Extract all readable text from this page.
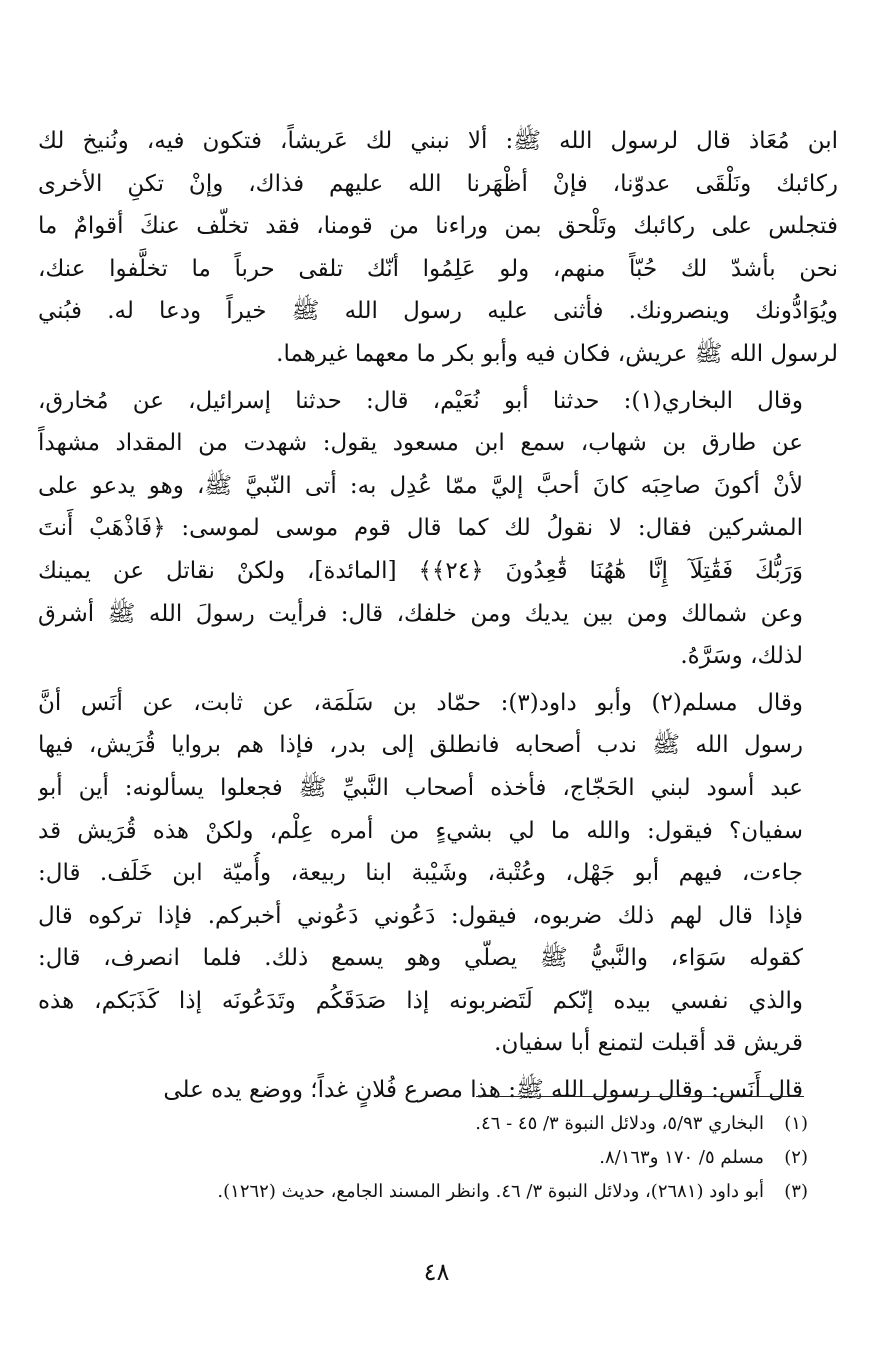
ابن مُعَاذ قال لرسول الله ﷺ: ألا نبني لك عَريشاً، فتكون فيه، ونُنيخ لك
ركائبك ونَلْقَى عدوّنا، فإنْ أظْهَرنا الله عليهم فذاك، وإنْ تكنِ الأخرى
فتجلس على ركائبك وتَلْحق بمن وراءنا من قومنا، فقد تخلّف عنكَ أقوامٌ ما
نحن بأشدّ لك حُبّاً منهم، ولو عَلِمُوا أنّك تلقى حرباً ما تخلَّفوا عنك،
ويُوَادُّونك وينصرونك. فأثنى عليه رسول الله ﷺ خيراً ودعا له. فبُني
لرسول الله ﷺ عريش، فكان فيه وأبو بكر ما معهما غيرهما.

وقال البخاري(١): حدثنا أبو نُعَيْم، قال: حدثنا إسرائيل، عن مُخارق،
عن طارق بن شهاب، سمع ابن مسعود يقول: شهدت من المقداد مشهداً
لأنْ أكونَ صاحِبَه كانَ أحبَّ إليَّ ممّا عُدِل به: أتى النّبيَّ ﷺ، وهو يدعو على
المشركين فقال: لا نقولُ لك كما قال قوم موسى لموسى: ﴿فَاذْهَبْ أَنتَ
وَرَبُّكَ فَقَٰتِلَآ إِنَّا هَٰهُنَا قَٰعِدُونَ ﴿٢٤﴾﴾ [المائدة]، ولكنْ نقاتل عن يمينك
وعن شمالك ومن بين يديك ومن خلفك، قال: فرأيت رسولَ الله ﷺ أشرق
لذلك، وسَرَّهُ.

وقال مسلم(٢) وأبو داود(٣): حمّاد بن سَلَمَة، عن ثابت، عن أنَس أنَّ
رسول الله ﷺ ندب أصحابه فانطلق إلى بدر، فإذا هم بروايا قُرَيش، فيها
عبد أسود لبني الحَجّاج، فأخذه أصحاب النَّبيِّ ﷺ فجعلوا يسألونه: أين أبو
سفيان؟ فيقول: والله ما لي بشيءٍ من أمره عِلْم، ولكنْ هذه قُرَيش قد
جاءت، فيهم أبو جَهْل، وعُتْبة، وشَيْبة ابنا ربيعة، وأُميّة ابن خَلَف. قال:
فإذا قال لهم ذلك ضربوه، فيقول: دَعُوني دَعُوني أخبركم. فإذا تركوه قال
كقوله سَوَاء، والنَّبيُّ ﷺ يصلّي وهو يسمع ذلك. فلما انصرف، قال:
والذي نفسي بيده إنّكم لَتَضربونه إذا صَدَقَكُم وتَدَعُونَه إذا كَذَبَكم، هذه
قريش قد أقبلت لتمنع أبا سفيان.

قال أَنَس: وقال رسول الله ﷺ: هذا مصرع فُلانٍ غداً؛ ووضع يده على

(١)
البخاري ٥/٩٣، ودلائل النبوة ٣/ ٤٥ - ٤٦.
(٢)
مسلم ٥/ ١٧٠ و٨/١٦٣.
(٣)
أبو داود (٢٦٨١)، ودلائل النبوة ٣/ ٤٦. وانظر المسند الجامع، حديث (١٢٦٢).
٤٨
